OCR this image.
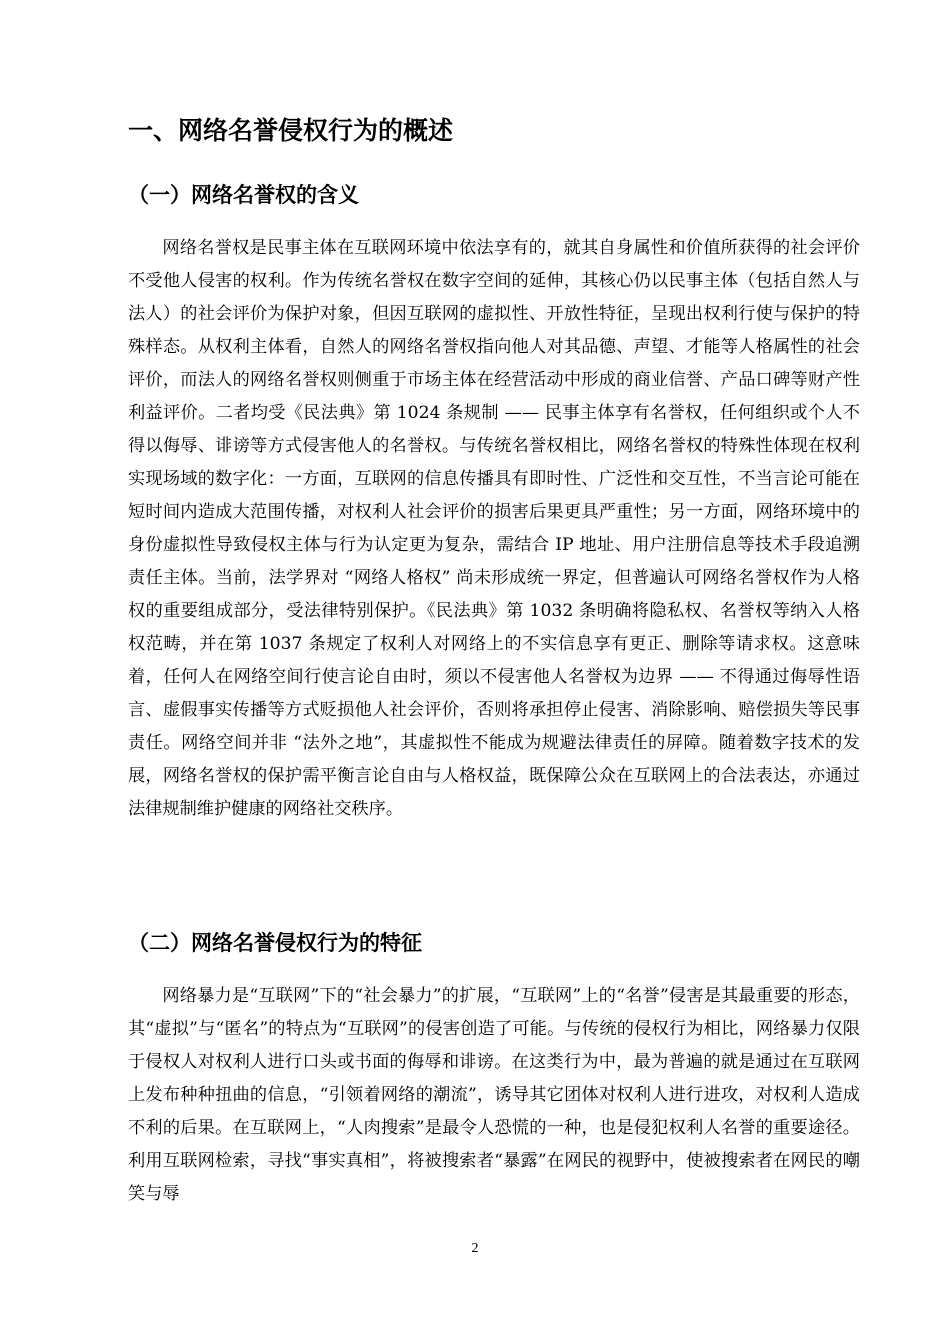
一、网络名誉侵权行为的概述
（一）网络名誉权的含义

网络名誉权是民事主体在互联网环境中依法享有的，就其自身属性和价值所获得的社会评价不受他人侵害的权利。作为传统名誉权在数字空间的延伸，其核心仍以民事主体（包括自然人与法人）的社会评价为保护对象，但因互联网的虚拟性、开放性特征，呈现出权利行使与保护的特殊样态。从权利主体看，自然人的网络名誉权指向他人对其品德、声望、才能等人格属性的社会评价，而法人的网络名誉权则侧重于市场主体在经营活动中形成的商业信誉、产品口碑等财产性利益评价。二者均受《民法典》第 1024 条规制 —— 民事主体享有名誉权，任何组织或个人不得以侮辱、诽谤等方式侵害他人的名誉权。与传统名誉权相比，网络名誉权的特殊性体现在权利实现场域的数字化：一方面，互联网的信息传播具有即时性、广泛性和交互性，不当言论可能在短时间内造成大范围传播，对权利人社会评价的损害后果更具严重性；另一方面，网络环境中的身份虚拟性导致侵权主体与行为认定更为复杂，需结合 IP 地址、用户注册信息等技术手段追溯责任主体。当前，法学界对 “网络人格权” 尚未形成统一界定，但普遍认可网络名誉权作为人格权的重要组成部分，受法律特别保护。《民法典》第 1032 条明确将隐私权、名誉权等纳入人格权范畴，并在第 1037 条规定了权利人对网络上的不实信息享有更正、删除等请求权。这意味着，任何人在网络空间行使言论自由时，须以不侵害他人名誉权为边界 —— 不得通过侮辱性语言、虚假事实传播等方式贬损他人社会评价，否则将承担停止侵害、消除影响、赔偿损失等民事责任。网络空间并非 “法外之地”，其虚拟性不能成为规避法律责任的屏障。随着数字技术的发展，网络名誉权的保护需平衡言论自由与人格权益，既保障公众在互联网上的合法表达，亦通过法律规制维护健康的网络社交秩序。

（二）网络名誉侵权行为的特征

网络暴力是“互联网”下的“社会暴力”的扩展，“互联网”上的“名誉”侵害是其最重要的形态，其“虚拟”与“匿名”的特点为“互联网”的侵害创造了可能。与传统的侵权行为相比，网络暴力仅限于侵权人对权利人进行口头或书面的侮辱和诽谤。在这类行为中，最为普遍的就是通过在互联网上发布种种扭曲的信息，“引领着网络的潮流”，诱导其它团体对权利人进行进攻，对权利人造成不利的后果。在互联网上，“人肉搜索”是最令人恐慌的一种，也是侵犯权利人名誉的重要途径。利用互联网检索，寻找“事实真相”，将被搜索者“暴露”在网民的视野中，使被搜索者在网民的嘲笑与辱

2
